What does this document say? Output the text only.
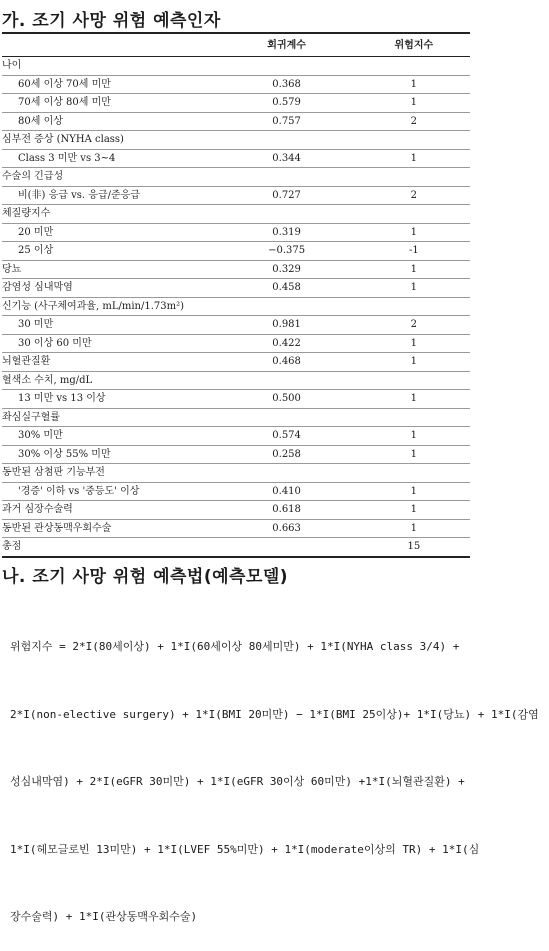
가. 조기 사망 위험 예측인자
	회귀계수	위험지수
나이		
60세 이상 70세 미만	0.368	1
70세 이상 80세 미만	0.579	1
80세 이상	0.757	2
심부전 증상 (NYHA class)		
Class 3 미만 vs 3~4	0.344	1
수술의 긴급성		
비(非) 응급 vs. 응급/준응급	0.727	2
체질량지수		
20 미만	0.319	1
25 이상	−0.375	-1
당뇨	0.329	1
감염성 심내막염	0.458	1
신기능 (사구체여과율, mL/min/1.73m²)		
30 미만	0.981	2
30 이상 60 미만	0.422	1
뇌혈관질환	0.468	1
혈색소 수치, mg/dL		
13 미만 vs 13 이상	0.500	1
좌심실구혈률		
30% 미만	0.574	1
30% 이상 55% 미만	0.258	1
동반된 삼첨판 기능부전		
'경증' 이하 vs '중등도' 이상	0.410	1
과거 심장수술력	0.618	1
동반된 관상동맥우회수술	0.663	1
총점		15
나. 조기 사망 위험 예측법(예측모델)

위험지수 = 2*I(80세이상) + 1*I(60세이상 80세미만) + 1*I(NYHA class 3/4) +

2*I(non-elective surgery) + 1*I(BMI 20미만) − 1*I(BMI 25이상)+ 1*I(당뇨) + 1*I(감염

성심내막염) + 2*I(eGFR 30미만) + 1*I(eGFR 30이상 60미만) +1*I(뇌혈관질환) +

1*I(헤모글로빈 13미만) + 1*I(LVEF 55%미만) + 1*I(moderate이상의 TR) + 1*I(심

장수술력) + 1*I(관상동맥우회수술)
